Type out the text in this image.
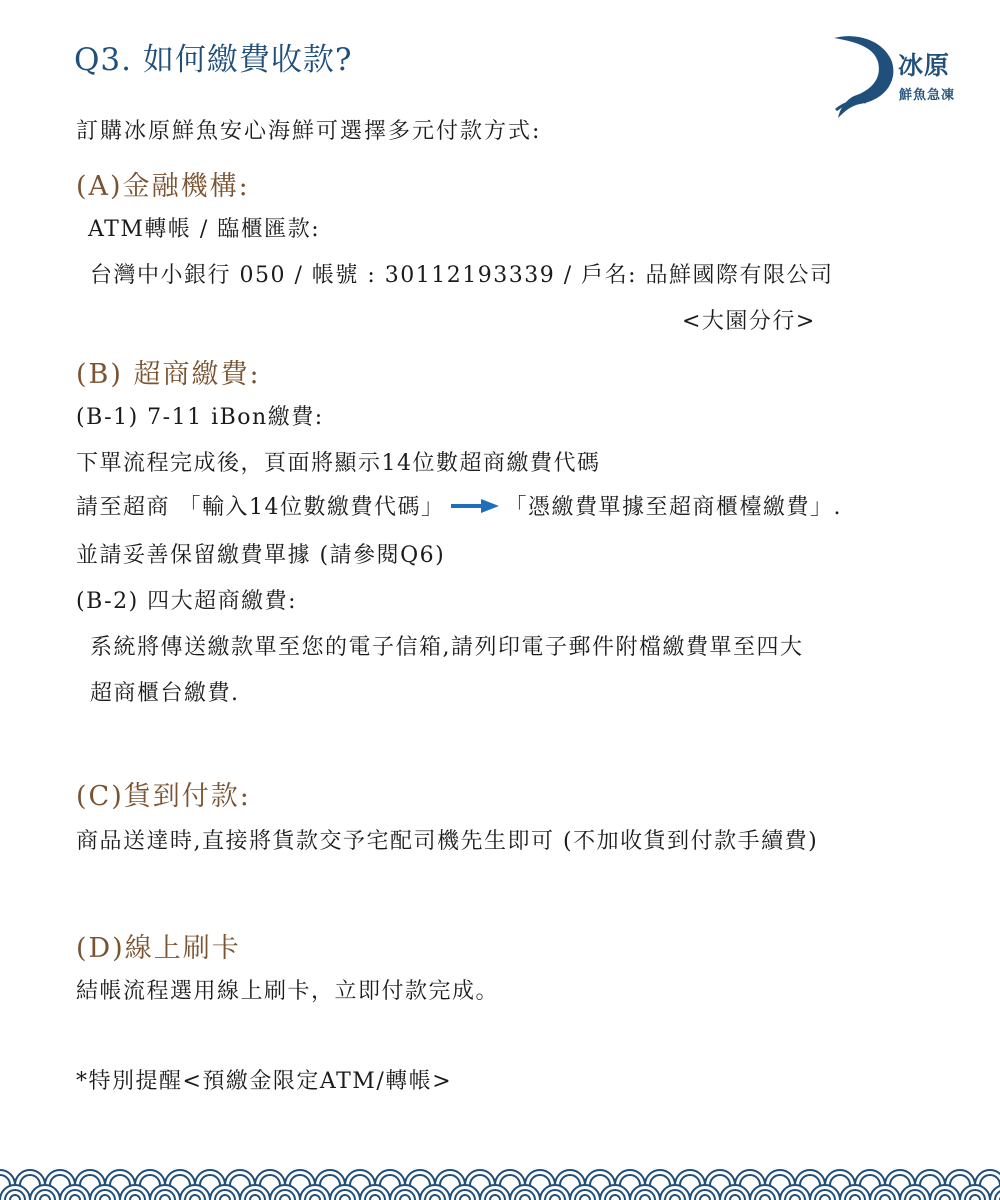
冰原
鮮魚急凍
Q3. 如何繳費收款?
訂購冰原鮮魚安心海鮮可選擇多元付款方式:
(A)金融機構:
ATM轉帳 / 臨櫃匯款:
台灣中小銀行 050 / 帳號 : 30112193339 / 戶名: 品鮮國際有限公司
<大園分行>
(B) 超商繳費:
(B-1) 7-11 iBon繳費:
下單流程完成後，頁面將顯示14位數超商繳費代碼
請至超商 「輸入14位數繳費代碼」	「憑繳費單據至超商櫃檯繳費」.
並請妥善保留繳費單據 (請參閱Q6)
(B-2) 四大超商繳費:
系統將傳送繳款單至您的電子信箱,請列印電子郵件附檔繳費單至四大
超商櫃台繳費.
(C)貨到付款:
商品送達時,直接將貨款交予宅配司機先生即可 (不加收貨到付款手續費)
(D)線上刷卡
結帳流程選用線上刷卡，立即付款完成。
*特別提醒<預繳金限定ATM/轉帳>
